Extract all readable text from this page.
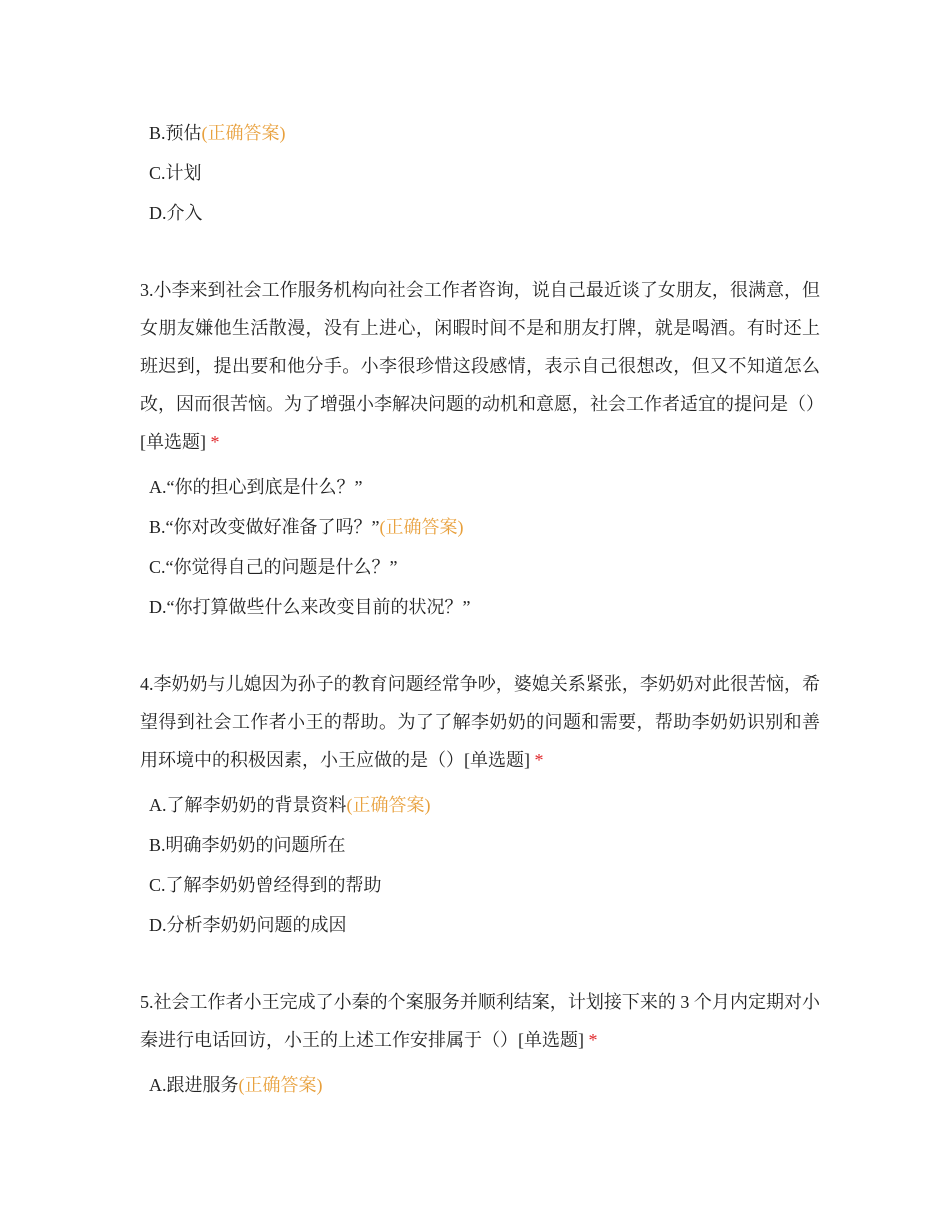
B.预估(正确答案)
C.计划
D.介入
3.小李来到社会工作服务机构向社会工作者咨询，说自己最近谈了女朋友，很满意，但女朋友嫌他生活散漫，没有上进心，闲暇时间不是和朋友打牌，就是喝酒。有时还上班迟到，提出要和他分手。小李很珍惜这段感情，表示自己很想改，但又不知道怎么改，因而很苦恼。为了增强小李解决问题的动机和意愿，社会工作者适宜的提问是（）[单选题] *
A.“你的担心到底是什么？”
B.“你对改变做好准备了吗？”(正确答案)
C.“你觉得自己的问题是什么？”
D.“你打算做些什么来改变目前的状况？”
4.李奶奶与儿媳因为孙子的教育问题经常争吵，婆媳关系紧张，李奶奶对此很苦恼，希望得到社会工作者小王的帮助。为了了解李奶奶的问题和需要，帮助李奶奶识别和善用环境中的积极因素，小王应做的是（）[单选题] *
A.了解李奶奶的背景资料(正确答案)
B.明确李奶奶的问题所在
C.了解李奶奶曾经得到的帮助
D.分析李奶奶问题的成因
5.社会工作者小王完成了小秦的个案服务并顺利结案，计划接下来的 3 个月内定期对小秦进行电话回访，小王的上述工作安排属于（）[单选题] *
A.跟进服务(正确答案)
